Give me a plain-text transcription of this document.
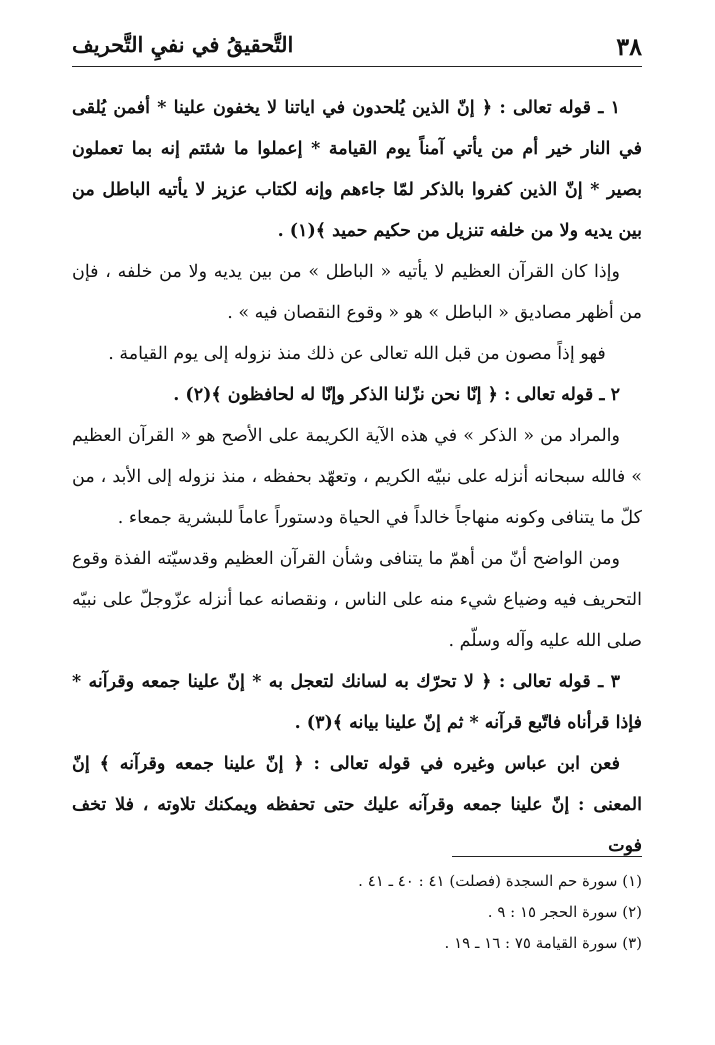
٣٨
التَّحقيقُ في نفيِ التَّحريف

١ ـ قوله تعالى : ﴿ إنّ الذين يُلحدون في اياتنا لا يخفون علينا * أفمن يُلقى في النار خير أم من يأتي آمناً يوم القيامة * إعملوا ما شئتم إنه بما تعملون بصير * إنّ الذين كفروا بالذكر لمّا جاءهم وإنه لكتاب عزيز لا يأتيه الباطل من بين يديه ولا من خلفه تنزيل من حكيم حميد ﴾(١) .

وإذا كان القرآن العظيم لا يأتيه « الباطل » من بين يديه ولا من خلفه ، فإن من أظهر مصاديق « الباطل » هو « وقوع النقصان فيه » .

فهو إذاً مصون من قبل الله تعالى عن ذلك منذ نزوله إلى يوم القيامة .

٢ ـ قوله تعالى : ﴿ إنّا نحن نزّلنا الذكر وإنّا له لحافظون ﴾(٢) .

والمراد من « الذكر » في هذه الآية الكريمة على الأصح هو « القرآن العظيم » فالله سبحانه أنزله على نبيّه الكريم ، وتعهّد بحفظه ، منذ نزوله إلى الأبد ، من كلّ ما يتنافى وكونه منهاجاً خالداً في الحياة ودستوراً عاماً للبشرية جمعاء .

ومن الواضح أنّ من أهمّ ما يتنافى وشأن القرآن العظيم وقدسيّته الفذة وقوع التحريف فيه وضياع شيء منه على الناس ، ونقصانه عما أنزله عزّوجلّ على نبيّه صلى الله عليه وآله وسلّم .

٣ ـ قوله تعالى : ﴿ لا تحرّك به لسانك لتعجل به * إنّ علينا جمعه وقرآنه * فإذا قرأناه فاتّبع قرآنه * ثم إنّ علينا بيانه ﴾(٣) .

فعن ابن عباس وغيره في قوله تعالى : ﴿ إنّ علينا جمعه وقرآنه ﴾ إنّ المعنى : إنّ علينا جمعه وقرآنه عليك حتى تحفظه ويمكنك تلاوته ، فلا تخف فوت

(١) سورة حم السجدة (فصلت) ٤١ : ٤٠ ـ ٤١ .

(٢) سورة الحجر ١٥ : ٩ .

(٣) سورة القيامة ٧٥ : ١٦ ـ ١٩ .
